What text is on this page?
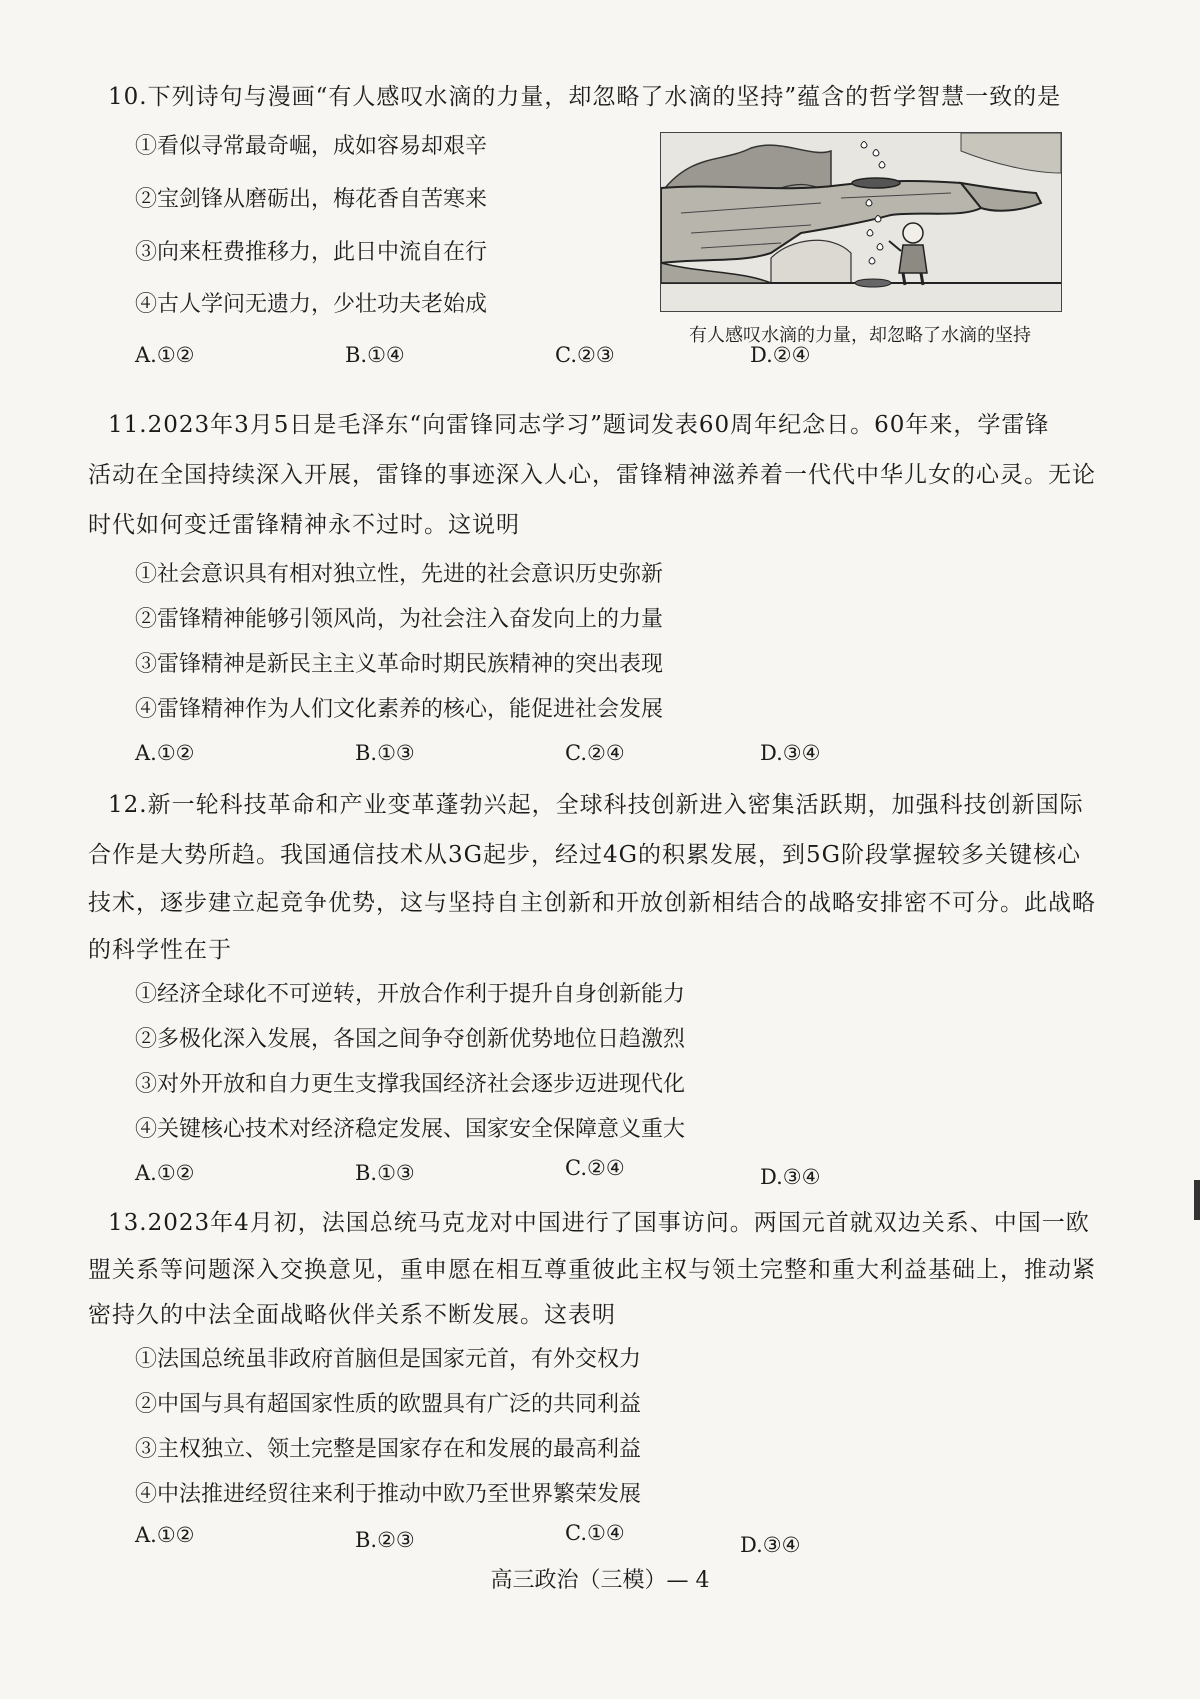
10.下列诗句与漫画“有人感叹水滴的力量，却忽略了水滴的坚持”蕴含的哲学智慧一致的是
①看似寻常最奇崛，成如容易却艰辛
②宝剑锋从磨砺出，梅花香自苦寒来
③向来枉费推移力，此日中流自在行
④古人学问无遗力，少壮功夫老始成
有人感叹水滴的力量，却忽略了水滴的坚持
A.①②	B.①④	C.②③	D.②④
11.2023年3月5日是毛泽东“向雷锋同志学习”题词发表60周年纪念日。60年来，学雷锋
活动在全国持续深入开展，雷锋的事迹深入人心，雷锋精神滋养着一代代中华儿女的心灵。无论
时代如何变迁雷锋精神永不过时。这说明
①社会意识具有相对独立性，先进的社会意识历史弥新
②雷锋精神能够引领风尚，为社会注入奋发向上的力量
③雷锋精神是新民主主义革命时期民族精神的突出表现
④雷锋精神作为人们文化素养的核心，能促进社会发展
A.①②	B.①③	C.②④	D.③④
12.新一轮科技革命和产业变革蓬勃兴起，全球科技创新进入密集活跃期，加强科技创新国际
合作是大势所趋。我国通信技术从3G起步，经过4G的积累发展，到5G阶段掌握较多关键核心
技术，逐步建立起竞争优势，这与坚持自主创新和开放创新相结合的战略安排密不可分。此战略
的科学性在于
①经济全球化不可逆转，开放合作利于提升自身创新能力
②多极化深入发展，各国之间争夺创新优势地位日趋激烈
③对外开放和自力更生支撑我国经济社会逐步迈进现代化
④关键核心技术对经济稳定发展、国家安全保障意义重大
A.①②	B.①③	C.②④	D.③④
13.2023年4月初，法国总统马克龙对中国进行了国事访问。两国元首就双边关系、中国一欧
盟关系等问题深入交换意见，重申愿在相互尊重彼此主权与领土完整和重大利益基础上，推动紧
密持久的中法全面战略伙伴关系不断发展。这表明
①法国总统虽非政府首脑但是国家元首，有外交权力
②中国与具有超国家性质的欧盟具有广泛的共同利益
③主权独立、领土完整是国家存在和发展的最高利益
④中法推进经贸往来利于推动中欧乃至世界繁荣发展
A.①②	B.②③	C.①④	D.③④
高三政治（三模）— 4
